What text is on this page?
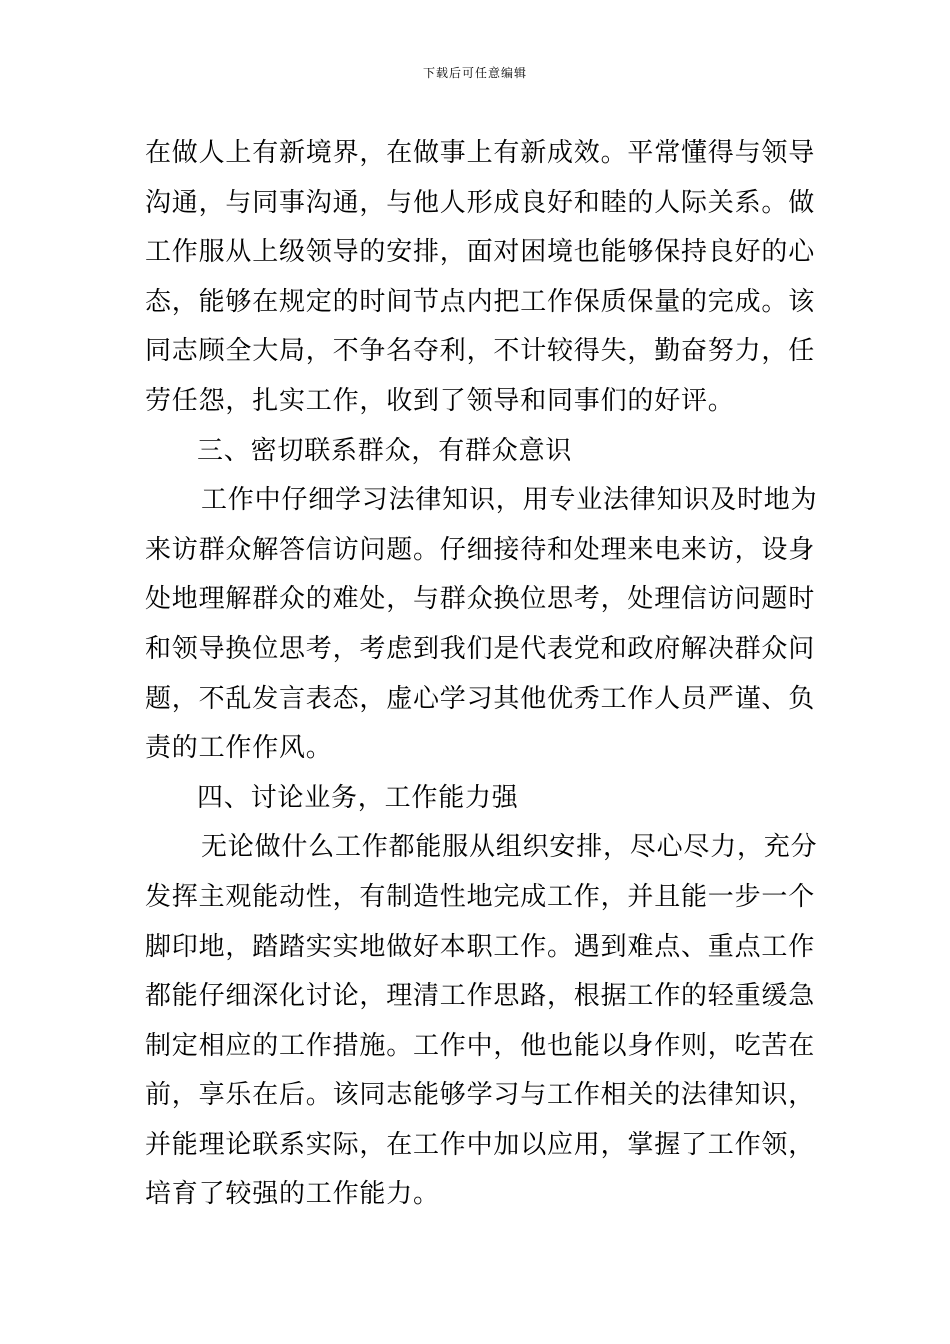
下载后可任意编辑
在做人上有新境界，在做事上有新成效。平常懂得与领导
沟通，与同事沟通，与他人形成良好和睦的人际关系。做
工作服从上级领导的安排，面对困境也能够保持良好的心
态，能够在规定的时间节点内把工作保质保量的完成。该
同志顾全大局，不争名夺利，不计较得失，勤奋努力，任
劳任怨，扎实工作，收到了领导和同事们的好评。
三、密切联系群众，有群众意识
工作中仔细学习法律知识，用专业法律知识及时地为
来访群众解答信访问题。仔细接待和处理来电来访，设身
处地理解群众的难处，与群众换位思考，处理信访问题时
和领导换位思考，考虑到我们是代表党和政府解决群众问
题，不乱发言表态，虚心学习其他优秀工作人员严谨、负
责的工作作风。
四、讨论业务，工作能力强
无论做什么工作都能服从组织安排，尽心尽力，充分
发挥主观能动性，有制造性地完成工作，并且能一步一个
脚印地，踏踏实实地做好本职工作。遇到难点、重点工作
都能仔细深化讨论，理清工作思路，根据工作的轻重缓急
制定相应的工作措施。工作中，他也能以身作则，吃苦在
前，享乐在后。该同志能够学习与工作相关的法律知识，
并能理论联系实际，在工作中加以应用，掌握了工作领，
培育了较强的工作能力。
